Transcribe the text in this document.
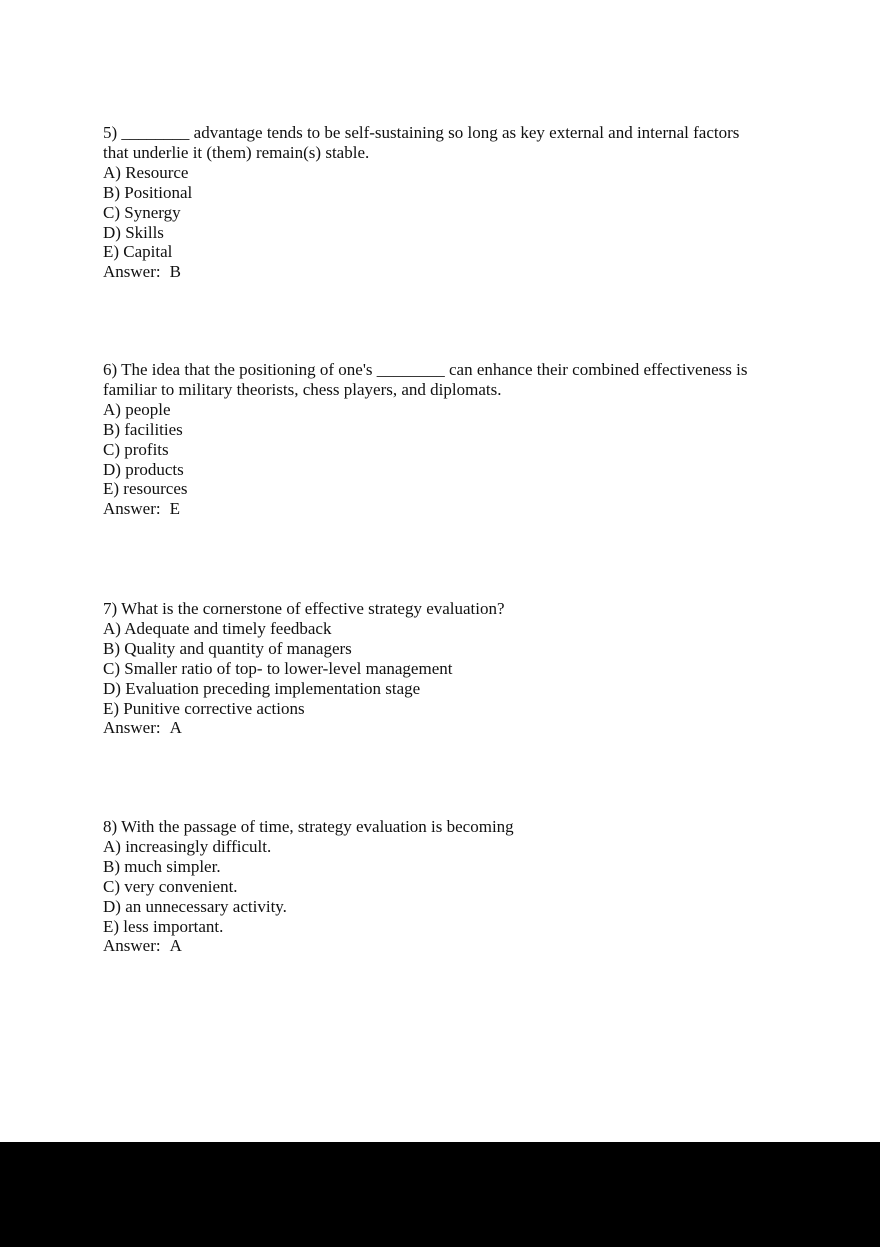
5) ________ advantage tends to be self-sustaining so long as key external and internal factors that underlie it (them) remain(s) stable.
A) Resource
B) Positional
C) Synergy
D) Skills
E) Capital
Answer: B
6) The idea that the positioning of one's ________ can enhance their combined effectiveness is familiar to military theorists, chess players, and diplomats.
A) people
B) facilities
C) profits
D) products
E) resources
Answer: E
7) What is the cornerstone of effective strategy evaluation?
A) Adequate and timely feedback
B) Quality and quantity of managers
C) Smaller ratio of top- to lower-level management
D) Evaluation preceding implementation stage
E) Punitive corrective actions
Answer: A
8) With the passage of time, strategy evaluation is becoming
A) increasingly difficult.
B) much simpler.
C) very convenient.
D) an unnecessary activity.
E) less important.
Answer: A
